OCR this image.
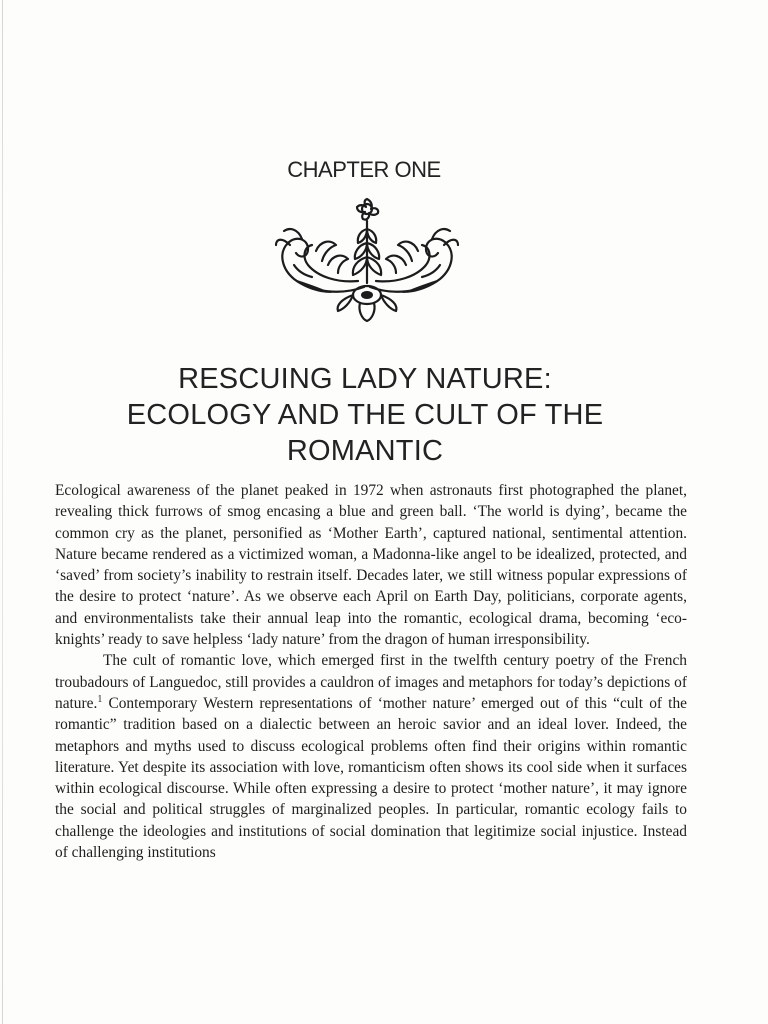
CHAPTER ONE
RESCUING LADY NATURE:
ECOLOGY AND THE CULT OF THE
ROMANTIC

Ecological awareness of the planet peaked in 1972 when astronauts first photographed the planet, revealing thick furrows of smog encasing a blue and green ball. ‘The world is dying’, became the common cry as the planet, personified as ‘Mother Earth’, captured national, sentimental attention. Nature became rendered as a victimized woman, a Madonna-like angel to be idealized, protected, and ‘saved’ from society’s inability to restrain itself. Decades later, we still witness popular expressions of the desire to protect ‘nature’. As we observe each April on Earth Day, politicians, corporate agents, and environmentalists take their annual leap into the romantic, ecological drama, becoming ‘eco-knights’ ready to save helpless ‘lady nature’ from the dragon of human irresponsibility.

The cult of romantic love, which emerged first in the twelfth century poetry of the French troubadours of Languedoc, still provides a cauldron of images and metaphors for today’s depictions of nature.$^1$ Contemporary Western representations of ‘mother nature’ emerged out of this “cult of the romantic” tradition based on a dialectic between an heroic savior and an ideal lover. Indeed, the metaphors and myths used to discuss ecological problems often find their origins within romantic literature. Yet despite its association with love, romanticism often shows its cool side when it surfaces within ecological discourse. While often expressing a desire to protect ‘mother nature’, it may ignore the social and political struggles of marginalized peoples. In particular, romantic ecology fails to challenge the ideologies and institutions of social domination that legitimize social injustice. Instead of challenging institutions
